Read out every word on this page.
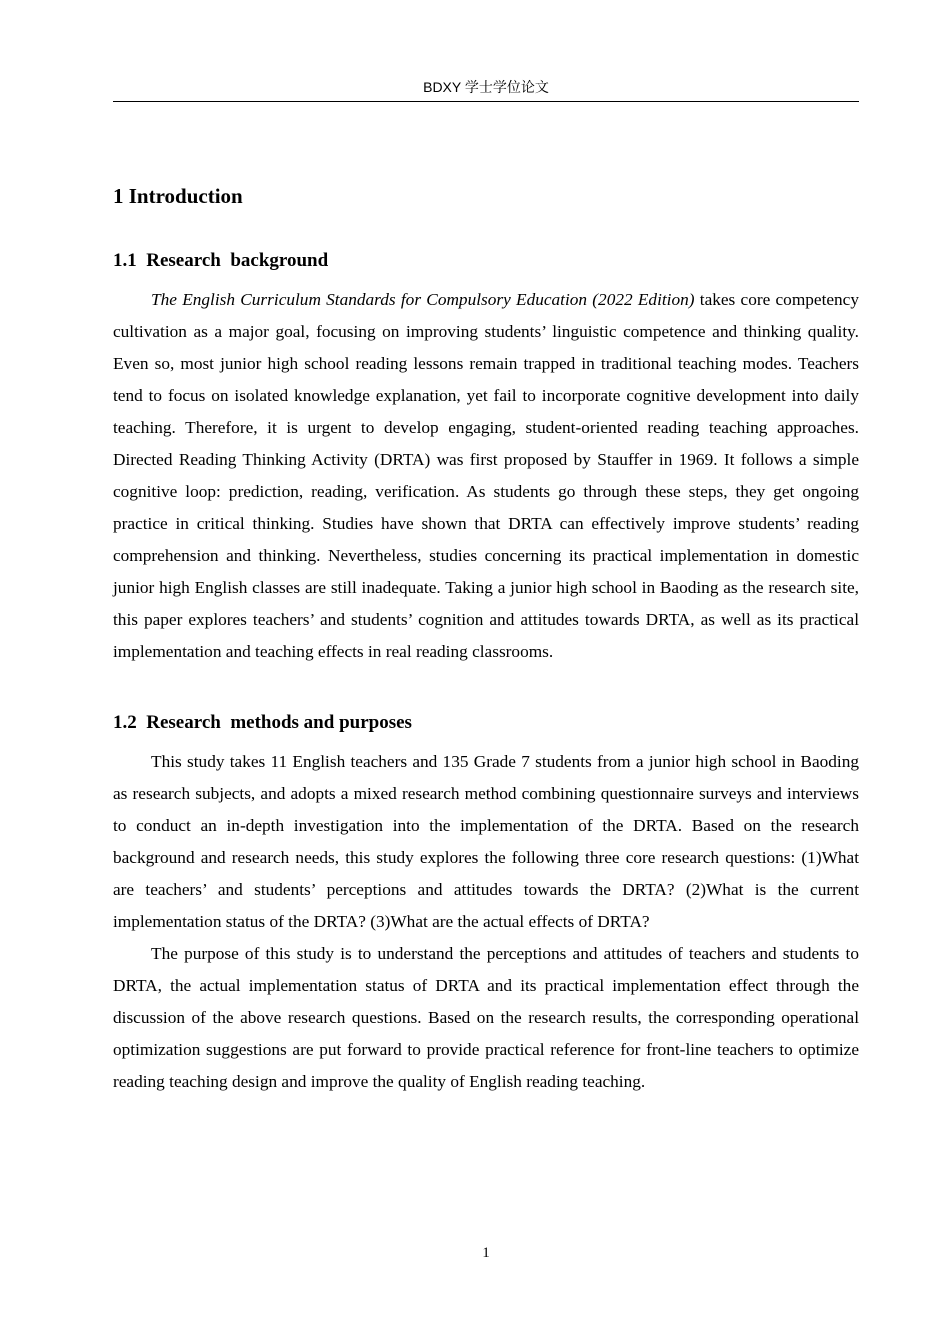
BDXY 学士学位论文
1 Introduction
1.1  Research  background

The English Curriculum Standards for Compulsory Education (2022 Edition) takes core competency cultivation as a major goal, focusing on improving students’ linguistic competence and thinking quality. Even so, most junior high school reading lessons remain trapped in traditional teaching modes. Teachers tend to focus on isolated knowledge explanation, yet fail to incorporate cognitive development into daily teaching. Therefore, it is urgent to develop engaging, student-oriented reading teaching approaches. Directed Reading Thinking Activity (DRTA) was first proposed by Stauffer in 1969. It follows a simple cognitive loop: prediction, reading, verification. As students go through these steps, they get ongoing practice in critical thinking. Studies have shown that DRTA can effectively improve students’ reading comprehension and thinking. Nevertheless, studies concerning its practical implementation in domestic junior high English classes are still inadequate. Taking a junior high school in Baoding as the research site, this paper explores teachers’ and students’ cognition and attitudes towards DRTA, as well as its practical implementation and teaching effects in real reading classrooms.

1.2  Research  methods and purposes

This study takes 11 English teachers and 135 Grade 7 students from a junior high school in Baoding as research subjects, and adopts a mixed research method combining questionnaire surveys and interviews to conduct an in-depth investigation into the implementation of the DRTA. Based on the research background and research needs, this study explores the following three core research questions: (1)What are teachers’ and students’ perceptions and attitudes towards the DRTA? (2)What is the current implementation status of the DRTA? (3)What are the actual effects of DRTA?

The purpose of this study is to understand the perceptions and attitudes of teachers and students to DRTA, the actual implementation status of DRTA and its practical implementation effect through the discussion of the above research questions. Based on the research results, the corresponding operational optimization suggestions are put forward to provide practical reference for front-line teachers to optimize reading teaching design and improve the quality of English reading teaching.

1
